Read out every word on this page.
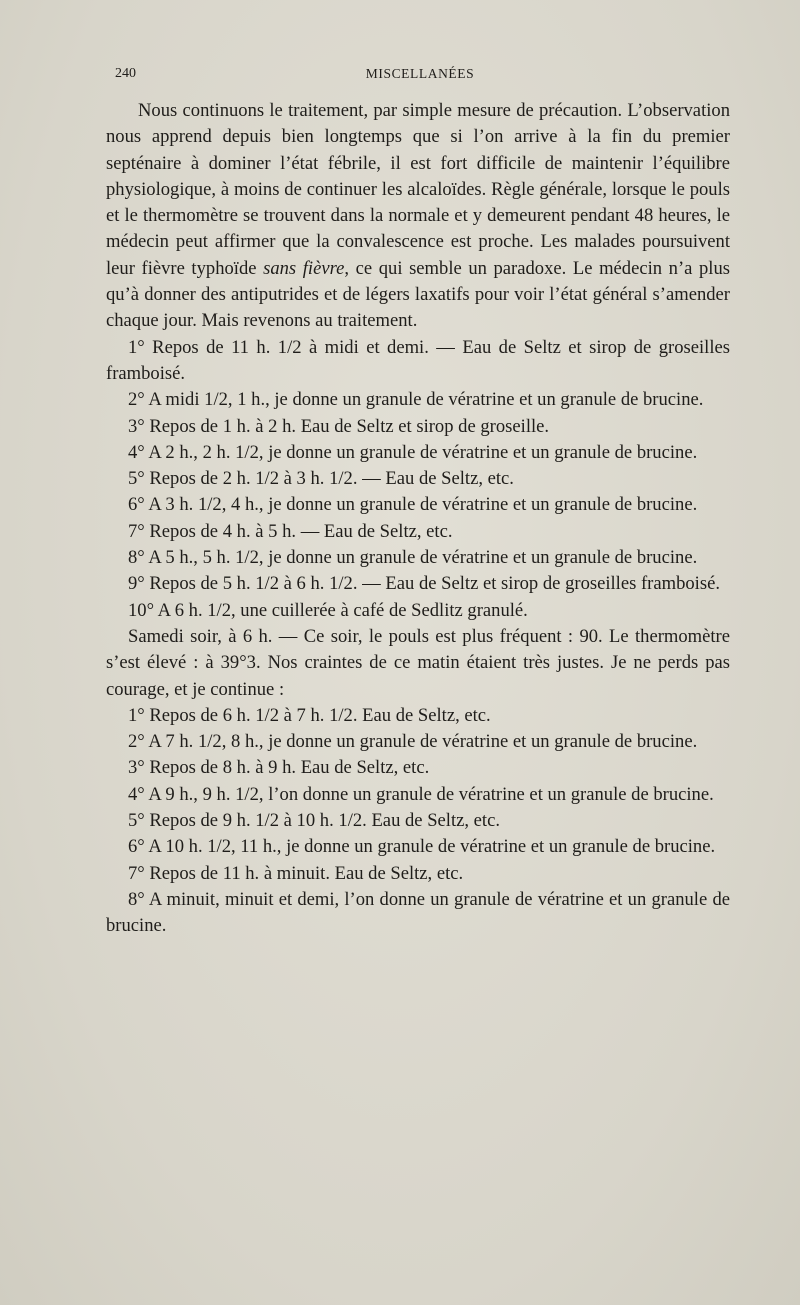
240	MISCELLANÉES

Nous continuons le traitement, par simple mesure de précaution. L’observation nous apprend depuis bien longtemps que si l’on arrive à la fin du premier septénaire à dominer l’état fébrile, il est fort difficile de maintenir l’équilibre physiologique, à moins de continuer les alcaloïdes. Règle générale, lorsque le pouls et le thermomètre se trouvent dans la normale et y demeurent pendant 48 heures, le médecin peut affirmer que la convalescence est proche. Les malades poursuivent leur fièvre typhoïde sans fièvre, ce qui semble un paradoxe. Le médecin n’a plus qu’à donner des antiputrides et de légers laxatifs pour voir l’état général s’amender chaque jour. Mais revenons au traitement.

1° Repos de 11 h. 1/2 à midi et demi. — Eau de Seltz et sirop de groseilles framboisé.

2° A midi 1/2, 1 h., je donne un granule de vératrine et un granule de brucine.

3° Repos de 1 h. à 2 h. Eau de Seltz et sirop de groseille.

4° A 2 h., 2 h. 1/2, je donne un granule de vératrine et un granule de brucine.

5° Repos de 2 h. 1/2 à 3 h. 1/2. — Eau de Seltz, etc.

6° A 3 h. 1/2, 4 h., je donne un granule de vératrine et un granule de brucine.

7° Repos de 4 h. à 5 h. — Eau de Seltz, etc.

8° A 5 h., 5 h. 1/2, je donne un granule de vératrine et un granule de brucine.

9° Repos de 5 h. 1/2 à 6 h. 1/2. — Eau de Seltz et sirop de groseilles framboisé.

10° A 6 h. 1/2, une cuillerée à café de Sedlitz granulé.

Samedi soir, à 6 h. — Ce soir, le pouls est plus fréquent : 90. Le thermomètre s’est élevé : à 39°3. Nos craintes de ce matin étaient très justes. Je ne perds pas courage, et je continue :

1° Repos de 6 h. 1/2 à 7 h. 1/2. Eau de Seltz, etc.

2° A 7 h. 1/2, 8 h., je donne un granule de vératrine et un granule de brucine.

3° Repos de 8 h. à 9 h. Eau de Seltz, etc.

4° A 9 h., 9 h. 1/2, l’on donne un granule de vératrine et un granule de brucine.

5° Repos de 9 h. 1/2 à 10 h. 1/2. Eau de Seltz, etc.

6° A 10 h. 1/2, 11 h., je donne un granule de vératrine et un granule de brucine.

7° Repos de 11 h. à minuit. Eau de Seltz, etc.

8° A minuit, minuit et demi, l’on donne un granule de vératrine et un granule de brucine.
